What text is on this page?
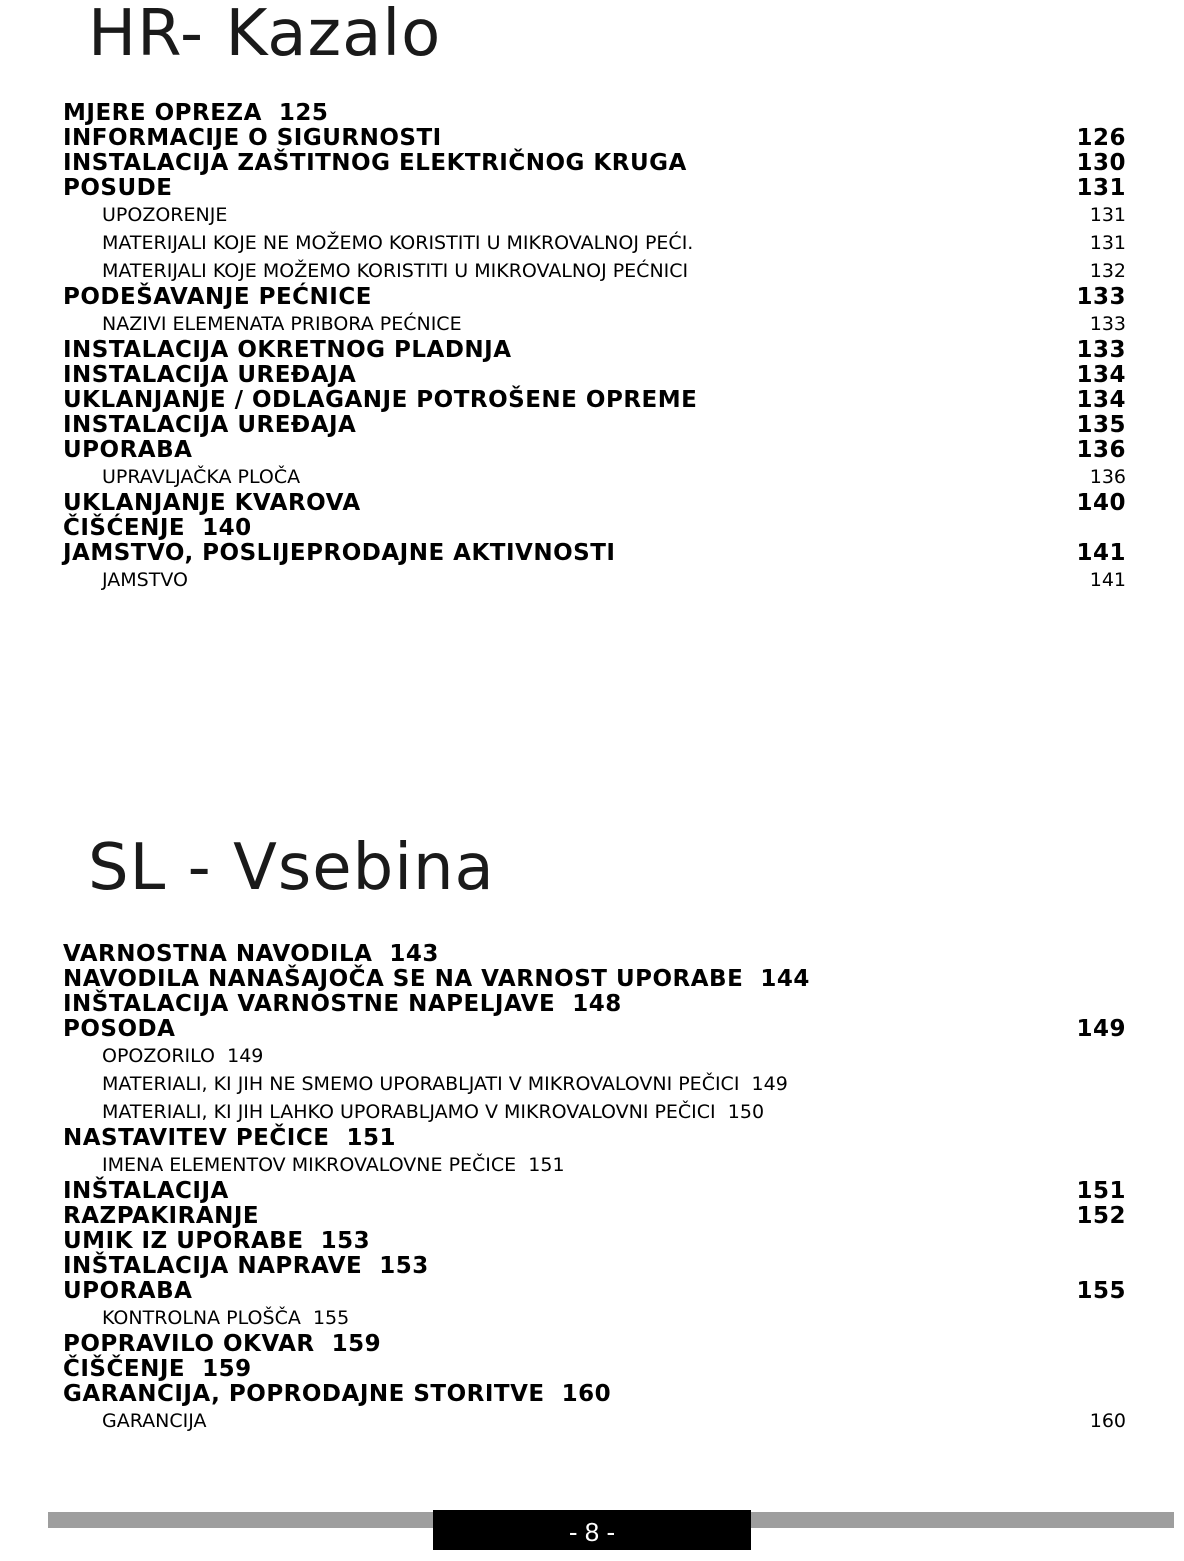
HR- Kazalo
MJERE OPREZA 125
INFORMACIJE O SIGURNOSTI	126
INSTALACIJA ZAŠTITNOG ELEKTRIČNOG KRUGA	130
POSUDE	131
UPOZORENJE	131
MATERIJALI KOJE NE MOŽEMO KORISTITI U MIKROVALNOJ PEĆI.	131
MATERIJALI KOJE MOŽEMO KORISTITI U MIKROVALNOJ PEĆNICI	132
PODEŠAVANJE PEĆNICE	133
NAZIVI ELEMENATA PRIBORA PEĆNICE	133
INSTALACIJA OKRETNOG PLADNJA	133
INSTALACIJA UREĐAJA	134
UKLANJANJE / ODLAGANJE POTROŠENE OPREME	134
INSTALACIJA UREĐAJA	135
UPORABA	136
UPRAVLJAČKA PLOČA	136
UKLANJANJE KVAROVA	140
ČIŠĆENJE 140
JAMSTVO, POSLIJEPRODAJNE AKTIVNOSTI	141
JAMSTVO	141
SL - Vsebina
VARNOSTNA NAVODILA 143
NAVODILA NANAŠAJOČA SE NA VARNOST UPORABE 144
INŠTALACIJA VARNOSTNE NAPELJAVE 148
POSODA	149
OPOZORILO 149
MATERIALI, KI JIH NE SMEMO UPORABLJATI V MIKROVALOVNI PEČICI 149
MATERIALI, KI JIH LAHKO UPORABLJAMO V MIKROVALOVNI PEČICI 150
NASTAVITEV PEČICE 151
IMENA ELEMENTOV MIKROVALOVNE PEČICE 151
INŠTALACIJA	151
RAZPAKIRANJE	152
UMIK IZ UPORABE 153
INŠTALACIJA NAPRAVE 153
UPORABA	155
KONTROLNA PLOŠČA 155
POPRAVILO OKVAR 159
ČIŠČENJE 159
GARANCIJA, POPRODAJNE STORITVE 160
GARANCIJA	160
- 8 -
